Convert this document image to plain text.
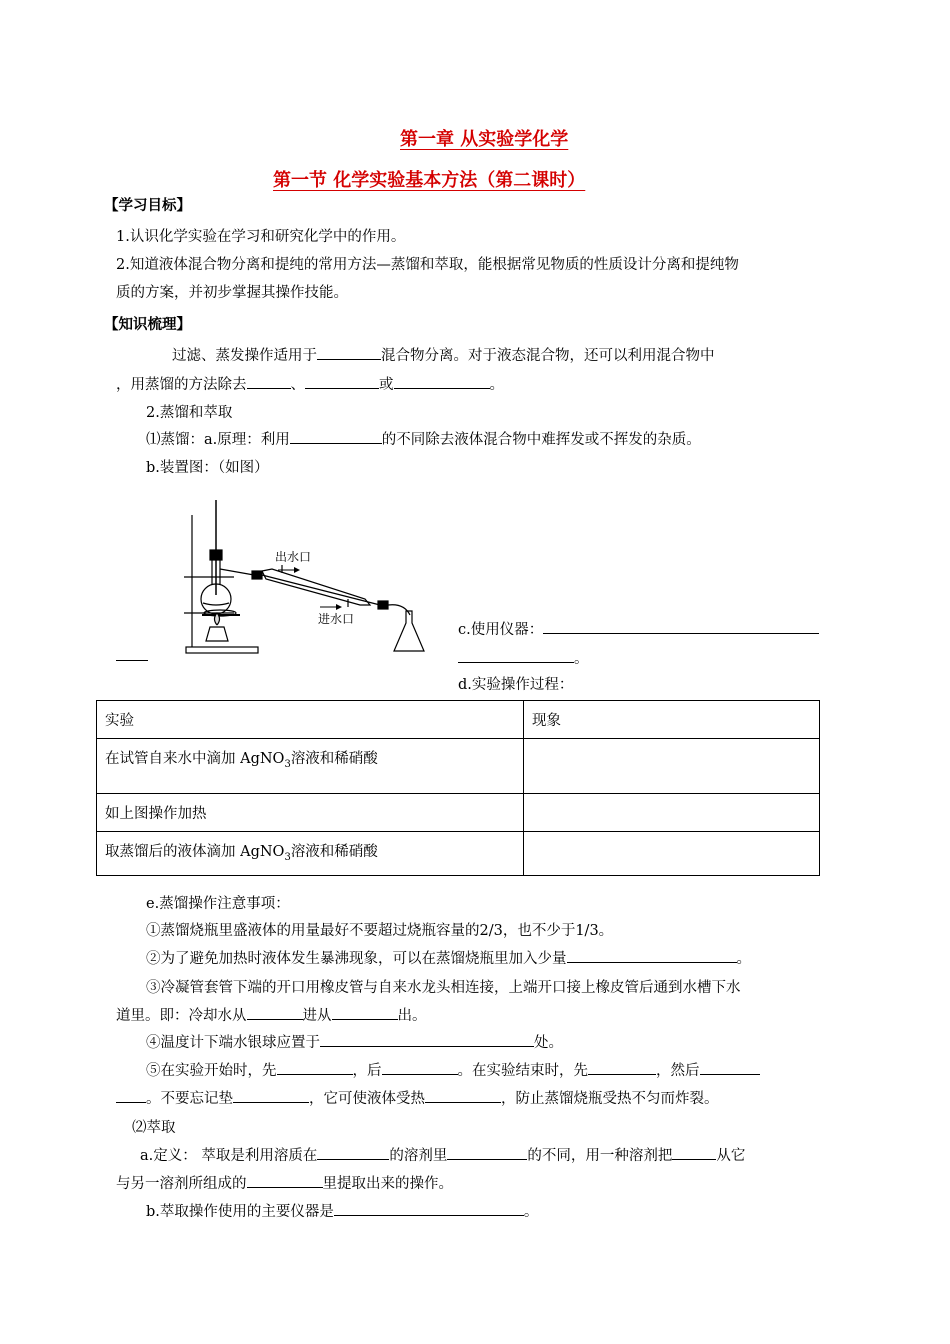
第一章 从实验学化学
第一节 化学实验基本方法（第二课时）
【学习目标】
1.认识化学实验在学习和研究化学中的作用。
2.知道液体混合物分离和提纯的常用方法—蒸馏和萃取，能根据常见物质的性质设计分离和提纯物
质的方案，并初步掌握其操作技能。
【知识梳理】
过滤、蒸发操作适用于	混合物分离。对于液态混合物，还可以利用混合物中
，用蒸馏的方法除去	、	或	。
2.蒸馏和萃取
⑴蒸馏：a.原理：利用	的不同除去液体混合物中难挥发或不挥发的杂质。
b.装置图：（如图）
出水口
进水口
c.使用仪器：
。
d.实验操作过程：
实验	现象
在试管自来水中滴加 AgNO$_3$溶液和稀硝酸	
如上图操作加热	
取蒸馏后的液体滴加 AgNO$_3$溶液和稀硝酸	
e.蒸馏操作注意事项：
①蒸馏烧瓶里盛液体的用量最好不要超过烧瓶容量的2/3，也不少于1/3。
②为了避免加热时液体发生暴沸现象，可以在蒸馏烧瓶里加入少量	。
③冷凝管套管下端的开口用橡皮管与自来水龙头相连接，上端开口接上橡皮管后通到水槽下水
道里。即：冷却水从	进从	出。
④温度计下端水银球应置于	处。
⑤在实验开始时，先	，后	。在实验结束时，先	，然后
。不要忘记垫	，它可使液体受热	，防止蒸馏烧瓶受热不匀而炸裂。
⑵萃取
a.定义： 萃取是利用溶质在	的溶剂里	的不同，用一种溶剂把	从它
与另一溶剂所组成的	里提取出来的操作。
b.萃取操作使用的主要仪器是	。
